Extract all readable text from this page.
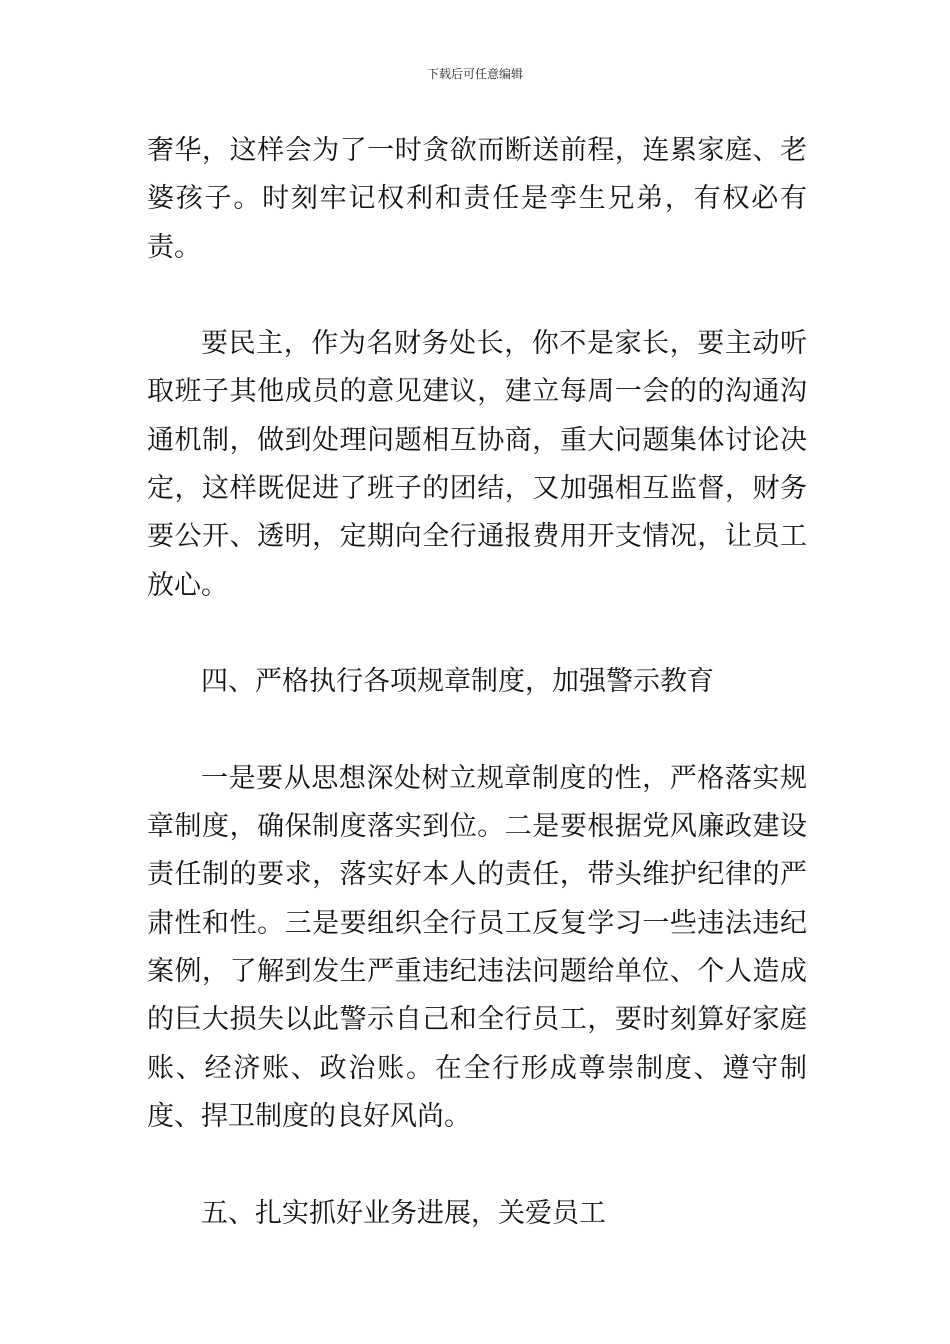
下载后可任意编辑

奢华，这样会为了一时贪欲而断送前程，连累家庭、老婆孩子。时刻牢记权利和责任是孪生兄弟，有权必有责。

要民主，作为名财务处长，你不是家长，要主动听取班子其他成员的意见建议，建立每周一会的的沟通沟通机制，做到处理问题相互协商，重大问题集体讨论决定，这样既促进了班子的团结，又加强相互监督，财务要公开、透明，定期向全行通报费用开支情况，让员工放心。

四、严格执行各项规章制度，加强警示教育

一是要从思想深处树立规章制度的性，严格落实规章制度，确保制度落实到位。二是要根据党风廉政建设责任制的要求，落实好本人的责任，带头维护纪律的严肃性和性。三是要组织全行员工反复学习一些违法违纪案例，了解到发生严重违纪违法问题给单位、个人造成的巨大损失以此警示自己和全行员工，要时刻算好家庭账、经济账、政治账。在全行形成尊崇制度、遵守制度、捍卫制度的良好风尚。

五、扎实抓好业务进展，关爱员工
